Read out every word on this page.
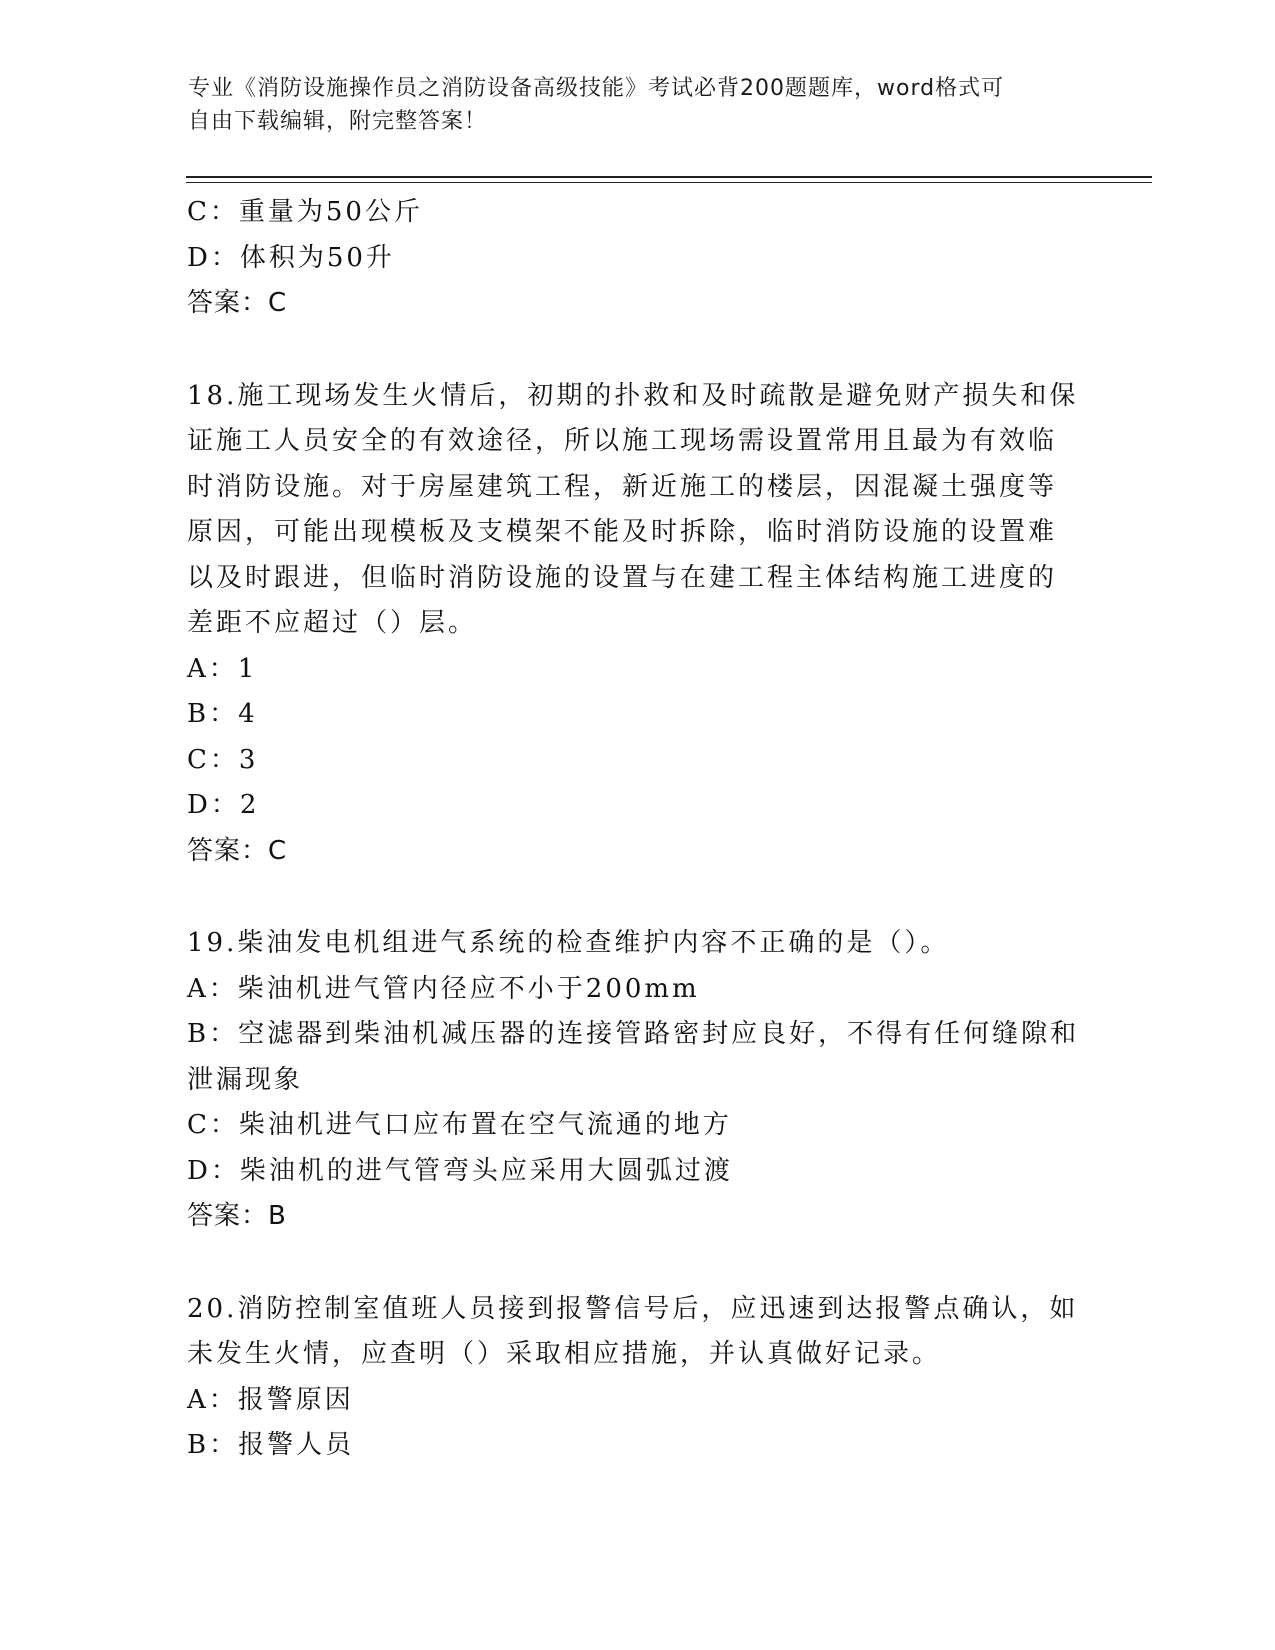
专业《消防设施操作员之消防设备高级技能》考试必背200题题库，word格式可
自由下载编辑，附完整答案！
C：重量为50公斤
D：体积为50升
答案：C
18.施工现场发生火情后，初期的扑救和及时疏散是避免财产损失和保
证施工人员安全的有效途径，所以施工现场需设置常用且最为有效临
时消防设施。对于房屋建筑工程，新近施工的楼层，因混凝土强度等
原因，可能出现模板及支模架不能及时拆除，临时消防设施的设置难
以及时跟进，但临时消防设施的设置与在建工程主体结构施工进度的
差距不应超过（）层。
A：1
B：4
C：3
D：2
答案：C
19.柴油发电机组进气系统的检查维护内容不正确的是（）。
A：柴油机进气管内径应不小于200mm
B：空滤器到柴油机减压器的连接管路密封应良好，不得有任何缝隙和
泄漏现象
C：柴油机进气口应布置在空气流通的地方
D：柴油机的进气管弯头应采用大圆弧过渡
答案：B
20.消防控制室值班人员接到报警信号后，应迅速到达报警点确认，如
未发生火情，应查明（）采取相应措施，并认真做好记录。
A：报警原因
B：报警人员
